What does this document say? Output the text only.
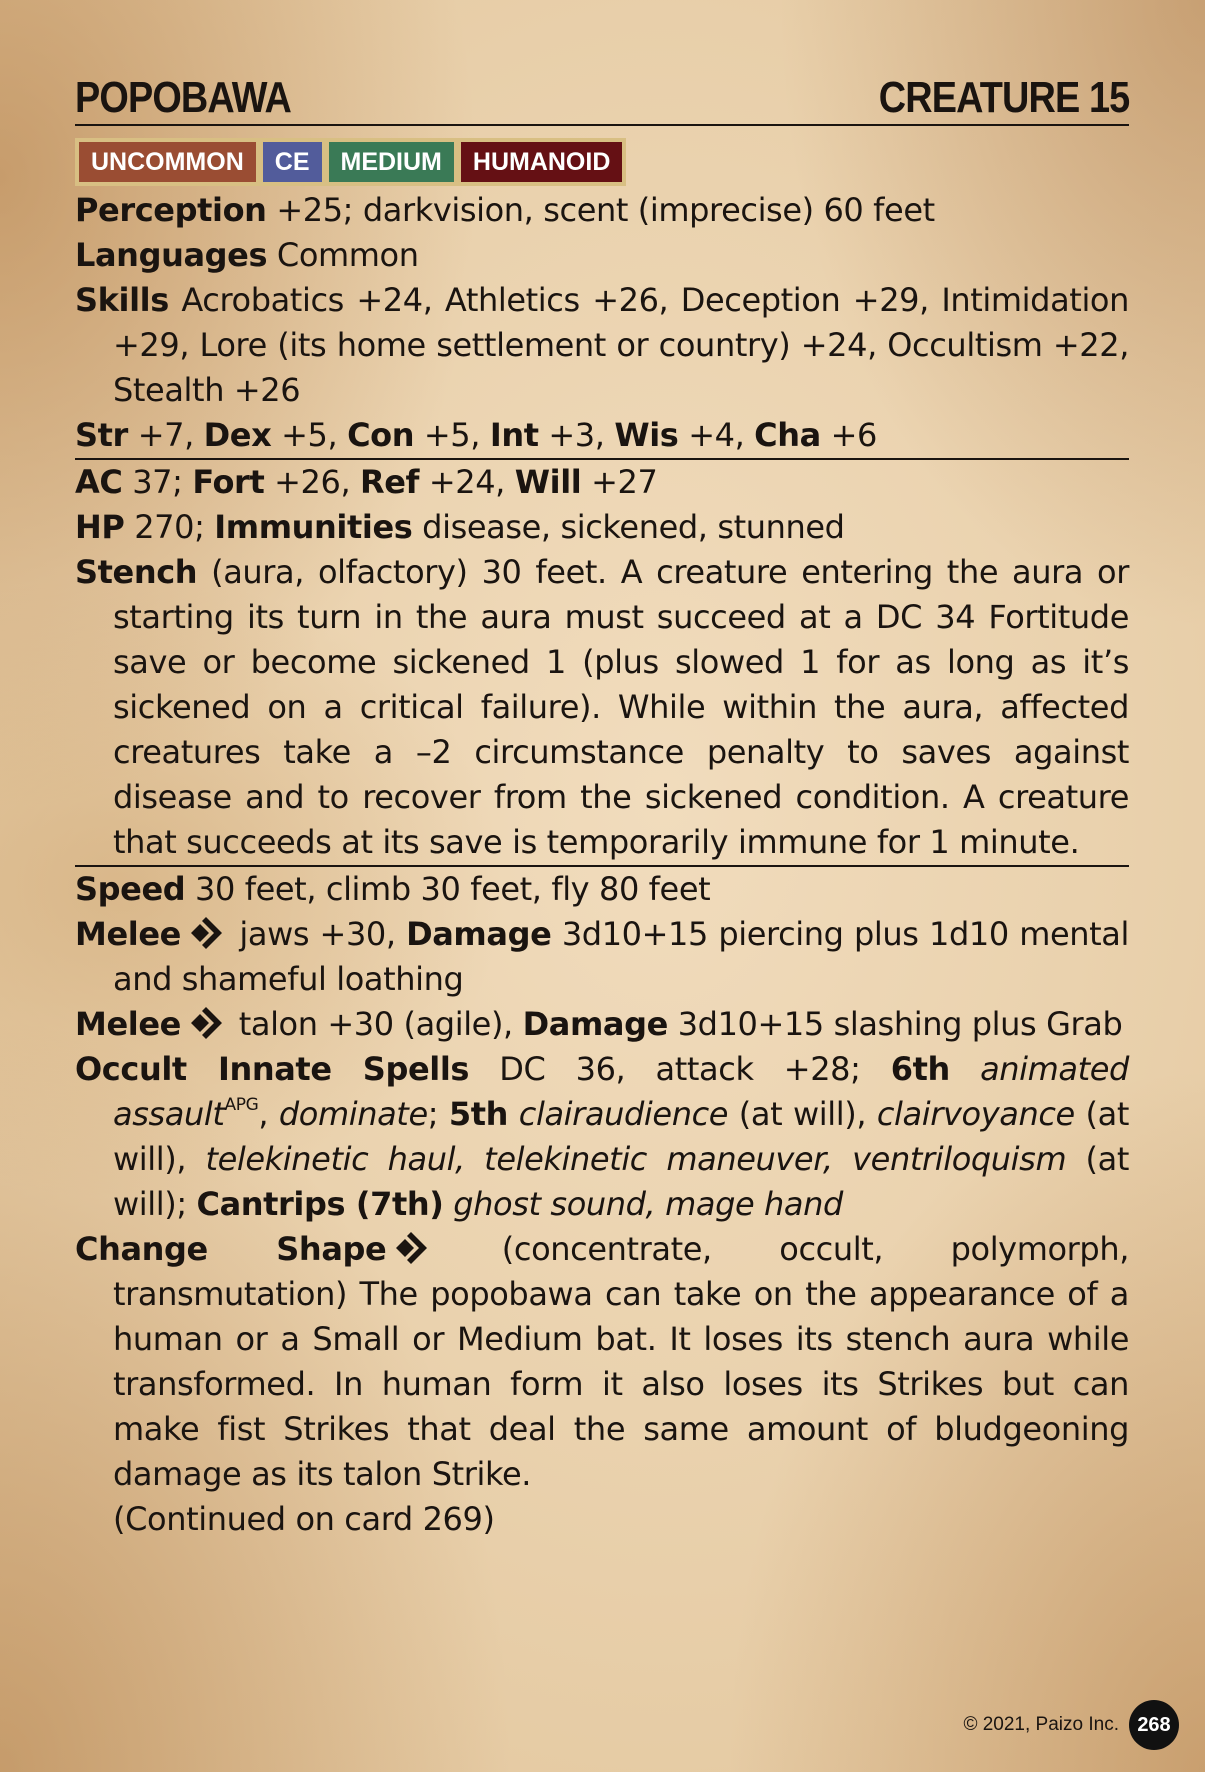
POPOBAWA	CREATURE 15
UNCOMMON	CE	MEDIUM	HUMANOID
Perception +25; darkvision, scent (imprecise) 60 feet
Languages Common
Skills Acrobatics +24, Athletics +26, Deception +29, Intimidation +29, Lore (its home settlement or country) +24, Occultism +22, Stealth +26
Str +7, Dex +5, Con +5, Int +3, Wis +4, Cha +6
AC 37; Fort +26, Ref +24, Will +27
HP 270; Immunities disease, sickened, stunned
Stench (aura, olfactory) 30 feet. A creature entering the aura or starting its turn in the aura must succeed at a DC 34 Fortitude save or become sickened 1 (plus slowed 1 for as long as it’s sickened on a critical failure). While within the aura, affected creatures take a –2 circumstance penalty to saves against disease and to recover from the sickened condition. A creature that succeeds at its save is temporarily immune for 1 minute.
Speed 30 feet, climb 30 feet, fly 80 feet
Melee jaws +30, Damage 3d10+15 piercing plus 1d10 mental and shameful loathing
Melee talon +30 (agile), Damage 3d10+15 slashing plus Grab
Occult Innate Spells DC 36, attack +28; 6th animated assault$^{APG}$, dominate; 5th clairaudience (at will), clairvoyance (at will), telekinetic haul, telekinetic maneuver, ventriloquism (at will); Cantrips (7th) ghost sound, mage hand
Change Shape (concentrate, occult, polymorph, transmutation) The popobawa can take on the appearance of a human or a Small or Medium bat. It loses its stench aura while transformed. In human form it also loses its Strikes but can make fist Strikes that deal the same amount of bludgeoning damage as its talon Strike.
(Continued on card 269)
© 2021, Paizo Inc. 268
